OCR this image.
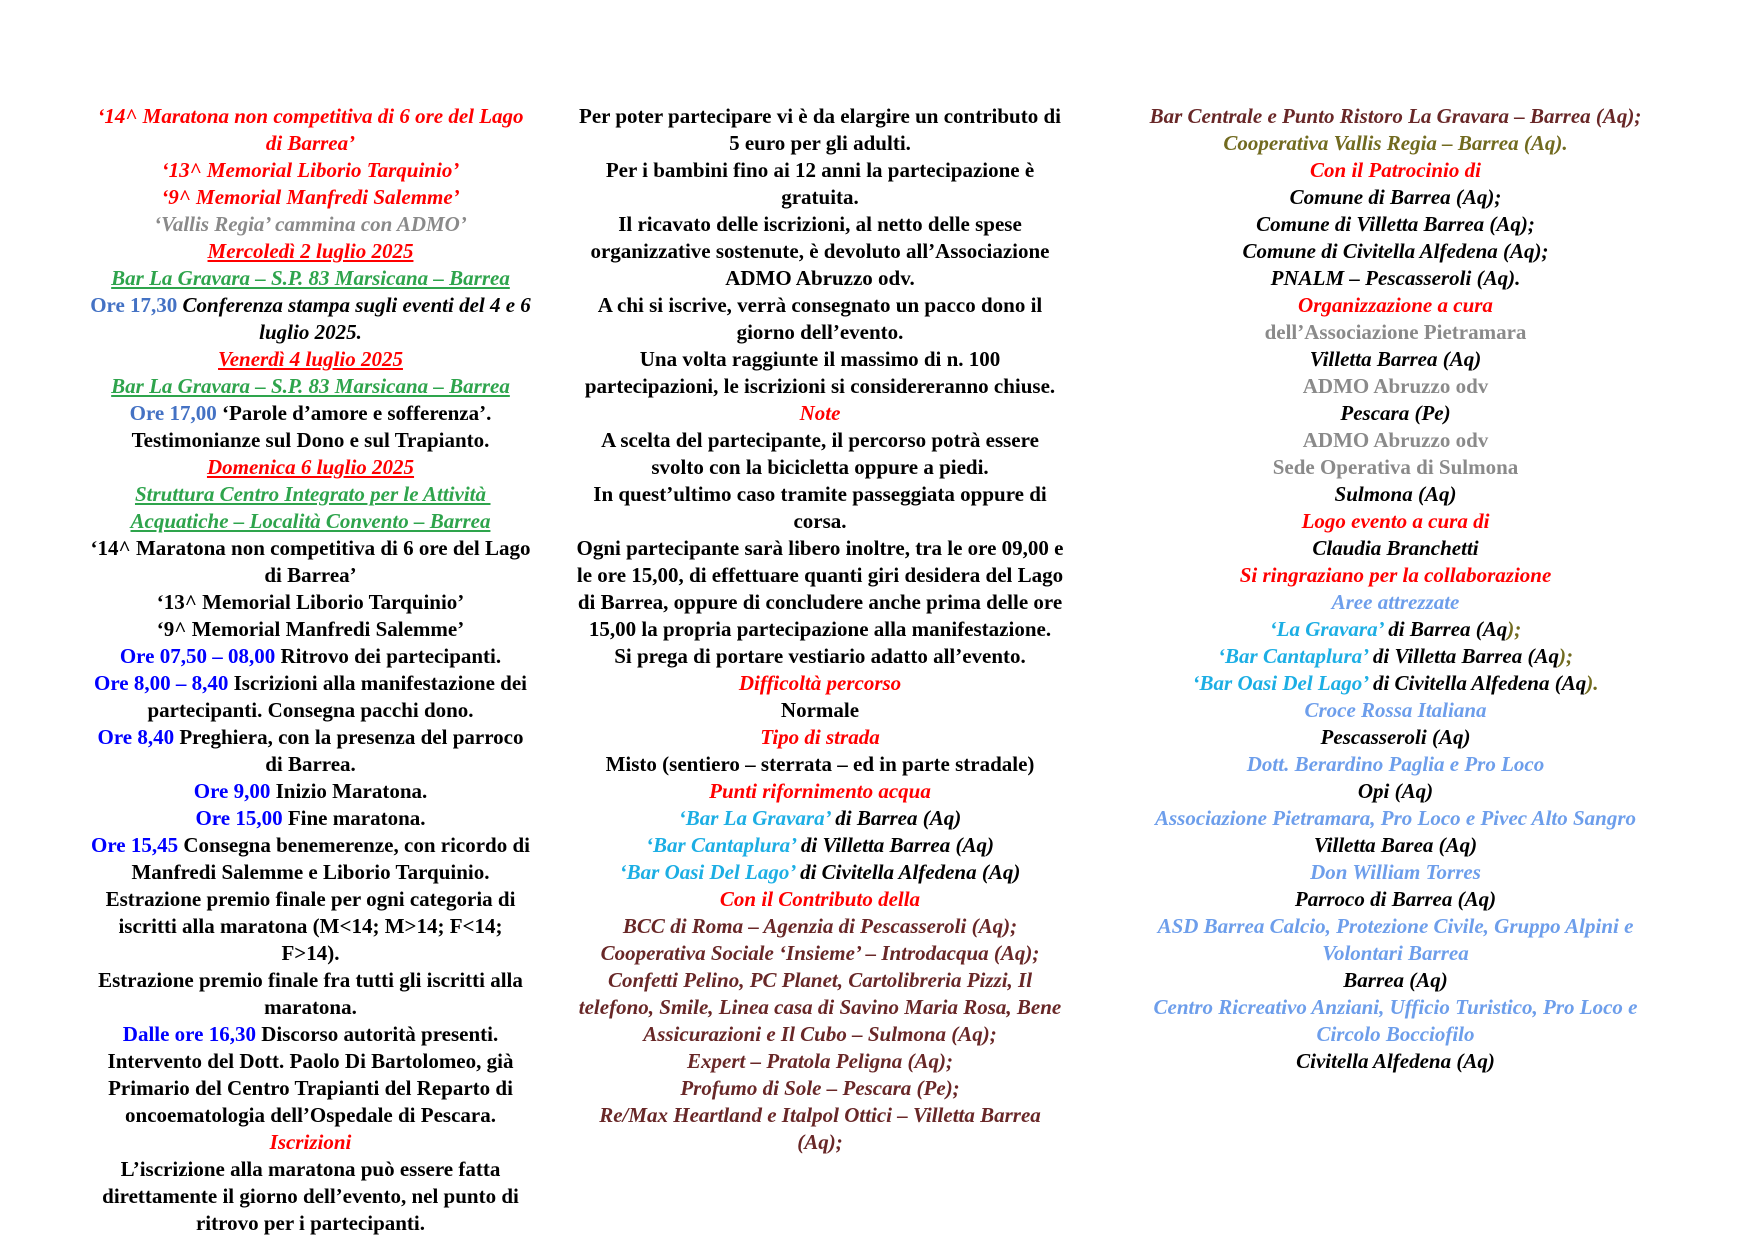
‘14^ Maratona non competitiva di 6 ore del Lago di Barrea’

‘13^ Memorial Liborio Tarquinio’

‘9^ Memorial Manfredi Salemme’

‘Vallis Regia’ cammina con ADMO’

Mercoledì 2 luglio 2025

Bar La Gravara – S.P. 83 Marsicana – Barrea

Ore 17,30 Conferenza stampa sugli eventi del 4 e 6 luglio 2025.

Venerdì 4 luglio 2025

Bar La Gravara – S.P. 83 Marsicana – Barrea

Ore 17,00 ‘Parole d’amore e sofferenza’.

Testimonianze sul Dono e sul Trapianto.

Domenica 6 luglio 2025

Struttura Centro Integrato per le Attività Acquatiche – Località Convento – Barrea

‘14^ Maratona non competitiva di 6 ore del Lago di Barrea’

‘13^ Memorial Liborio Tarquinio’

‘9^ Memorial Manfredi Salemme’

Ore 07,50 – 08,00 Ritrovo dei partecipanti.

Ore 8,00 – 8,40 Iscrizioni alla manifestazione dei partecipanti. Consegna pacchi dono.

Ore 8,40 Preghiera, con la presenza del parroco di Barrea.

Ore 9,00 Inizio Maratona.

Ore 15,00 Fine maratona.

Ore 15,45 Consegna benemerenze, con ricordo di Manfredi Salemme e Liborio Tarquinio.

Estrazione premio finale per ogni categoria di iscritti alla maratona (M<14; M>14; F<14; F>14).

Estrazione premio finale fra tutti gli iscritti alla maratona.

Dalle ore 16,30 Discorso autorità presenti.

Intervento del Dott. Paolo Di Bartolomeo, già Primario del Centro Trapianti del Reparto di oncoematologia dell’Ospedale di Pescara.

Iscrizioni

L’iscrizione alla maratona può essere fatta direttamente il giorno dell’evento, nel punto di ritrovo per i partecipanti.

Per poter partecipare vi è da elargire un contributo di 5 euro per gli adulti.

Per i bambini fino ai 12 anni la partecipazione è gratuita.

Il ricavato delle iscrizioni, al netto delle spese organizzative sostenute, è devoluto all’Associazione ADMO Abruzzo odv.

A chi si iscrive, verrà consegnato un pacco dono il giorno dell’evento.

Una volta raggiunte il massimo di n. 100 partecipazioni, le iscrizioni si considereranno chiuse.

Note

A scelta del partecipante, il percorso potrà essere svolto con la bicicletta oppure a piedi.

In quest’ultimo caso tramite passeggiata oppure di corsa.

Ogni partecipante sarà libero inoltre, tra le ore 09,00 e le ore 15,00, di effettuare quanti giri desidera del Lago di Barrea, oppure di concludere anche prima delle ore 15,00 la propria partecipazione alla manifestazione.

Si prega di portare vestiario adatto all’evento.

Difficoltà percorso

Normale

Tipo di strada

Misto (sentiero – sterrata – ed in parte stradale)

Punti rifornimento acqua

‘Bar La Gravara’ di Barrea (Aq)

‘Bar Cantaplura’ di Villetta Barrea (Aq)

‘Bar Oasi Del Lago’ di Civitella Alfedena (Aq)

Con il Contributo della

BCC di Roma – Agenzia di Pescasseroli (Aq);

Cooperativa Sociale ‘Insieme’ – Introdacqua (Aq);

Confetti Pelino, PC Planet, Cartolibreria Pizzi, Il telefono, Smile, Linea casa di Savino Maria Rosa, Bene Assicurazioni e Il Cubo – Sulmona (Aq);

Expert – Pratola Peligna (Aq);

Profumo di Sole – Pescara (Pe);

Re/Max Heartland e Italpol Ottici – Villetta Barrea (Aq);

Bar Centrale e Punto Ristoro La Gravara – Barrea (Aq);

Cooperativa Vallis Regia – Barrea (Aq).

Con il Patrocinio di

Comune di Barrea (Aq);

Comune di Villetta Barrea (Aq);

Comune di Civitella Alfedena (Aq);

PNALM – Pescasseroli (Aq).

Organizzazione a cura

dell’Associazione Pietramara

Villetta Barrea (Aq)

ADMO Abruzzo odv

Pescara (Pe)

ADMO Abruzzo odv

Sede Operativa di Sulmona

Sulmona (Aq)

Logo evento a cura di

Claudia Branchetti

Si ringraziano per la collaborazione

Aree attrezzate

‘La Gravara’ di Barrea (Aq);

‘Bar Cantaplura’ di Villetta Barrea (Aq);

‘Bar Oasi Del Lago’ di Civitella Alfedena (Aq).

Croce Rossa Italiana

Pescasseroli (Aq)

Dott. Berardino Paglia e Pro Loco

Opi (Aq)

Associazione Pietramara, Pro Loco e Pivec Alto Sangro

Villetta Barea (Aq)

Don William Torres

Parroco di Barrea (Aq)

ASD Barrea Calcio, Protezione Civile, Gruppo Alpini e Volontari Barrea

Barrea (Aq)

Centro Ricreativo Anziani, Ufficio Turistico, Pro Loco e Circolo Bocciofilo

Civitella Alfedena (Aq)
